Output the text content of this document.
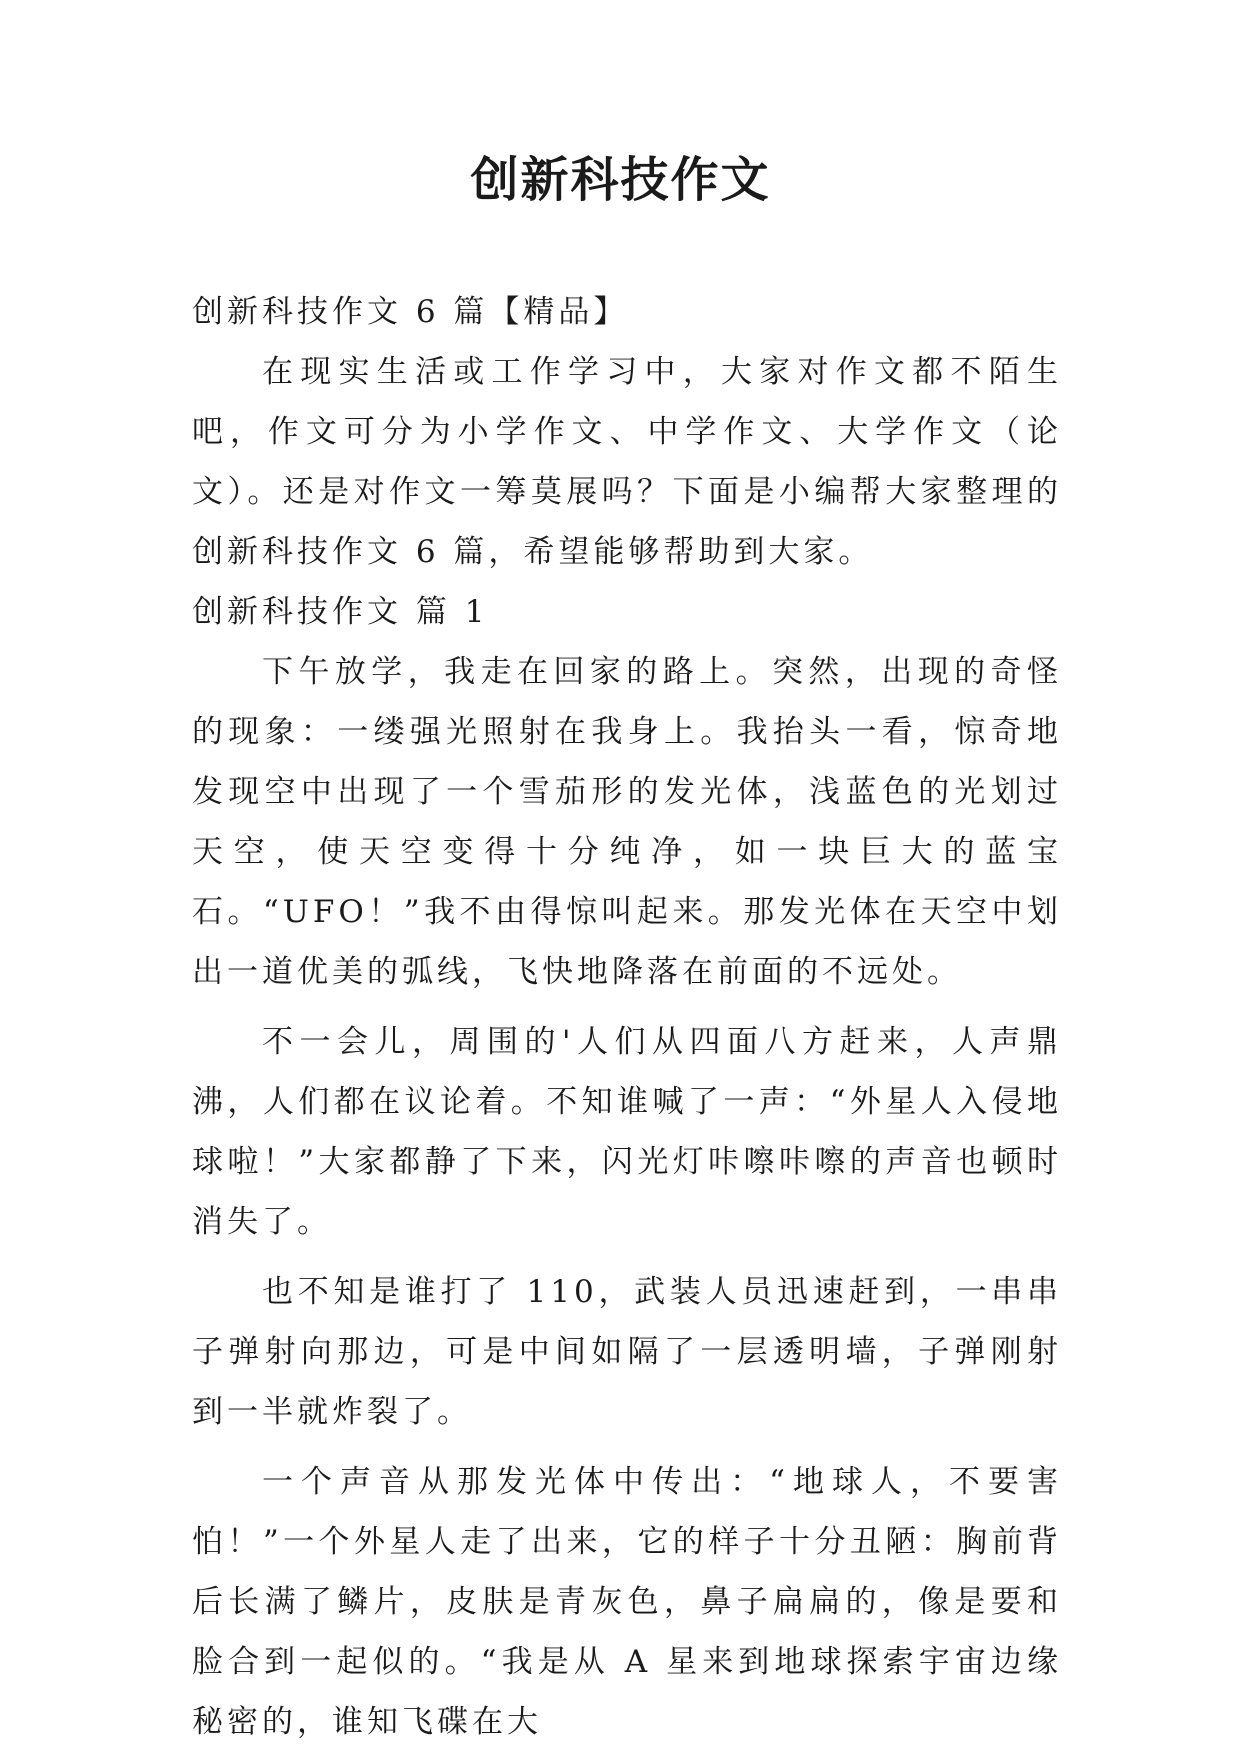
创新科技作文

创新科技作文 6 篇【精品】

在现实生活或工作学习中，大家对作文都不陌生吧，作文可分为小学作文、中学作文、大学作文（论文）。还是对作文一筹莫展吗？下面是小编帮大家整理的创新科技作文 6 篇，希望能够帮助到大家。

创新科技作文 篇 1

下午放学，我走在回家的路上。突然，出现的奇怪的现象：一缕强光照射在我身上。我抬头一看，惊奇地发现空中出现了一个雪茄形的发光体，浅蓝色的光划过天空，使天空变得十分纯净，如一块巨大的蓝宝石。“UFO！”我不由得惊叫起来。那发光体在天空中划出一道优美的弧线，飞快地降落在前面的不远处。

不一会儿，周围的'人们从四面八方赶来，人声鼎沸，人们都在议论着。不知谁喊了一声：“外星人入侵地球啦！”大家都静了下来，闪光灯咔嚓咔嚓的声音也顿时消失了。

也不知是谁打了 110，武装人员迅速赶到，一串串子弹射向那边，可是中间如隔了一层透明墙，子弹刚射到一半就炸裂了。

一个声音从那发光体中传出：“地球人，不要害怕！”一个外星人走了出来，它的样子十分丑陋：胸前背后长满了鳞片，皮肤是青灰色，鼻子扁扁的，像是要和脸合到一起似的。“我是从 A 星来到地球探索宇宙边缘秘密的，谁知飞碟在大
